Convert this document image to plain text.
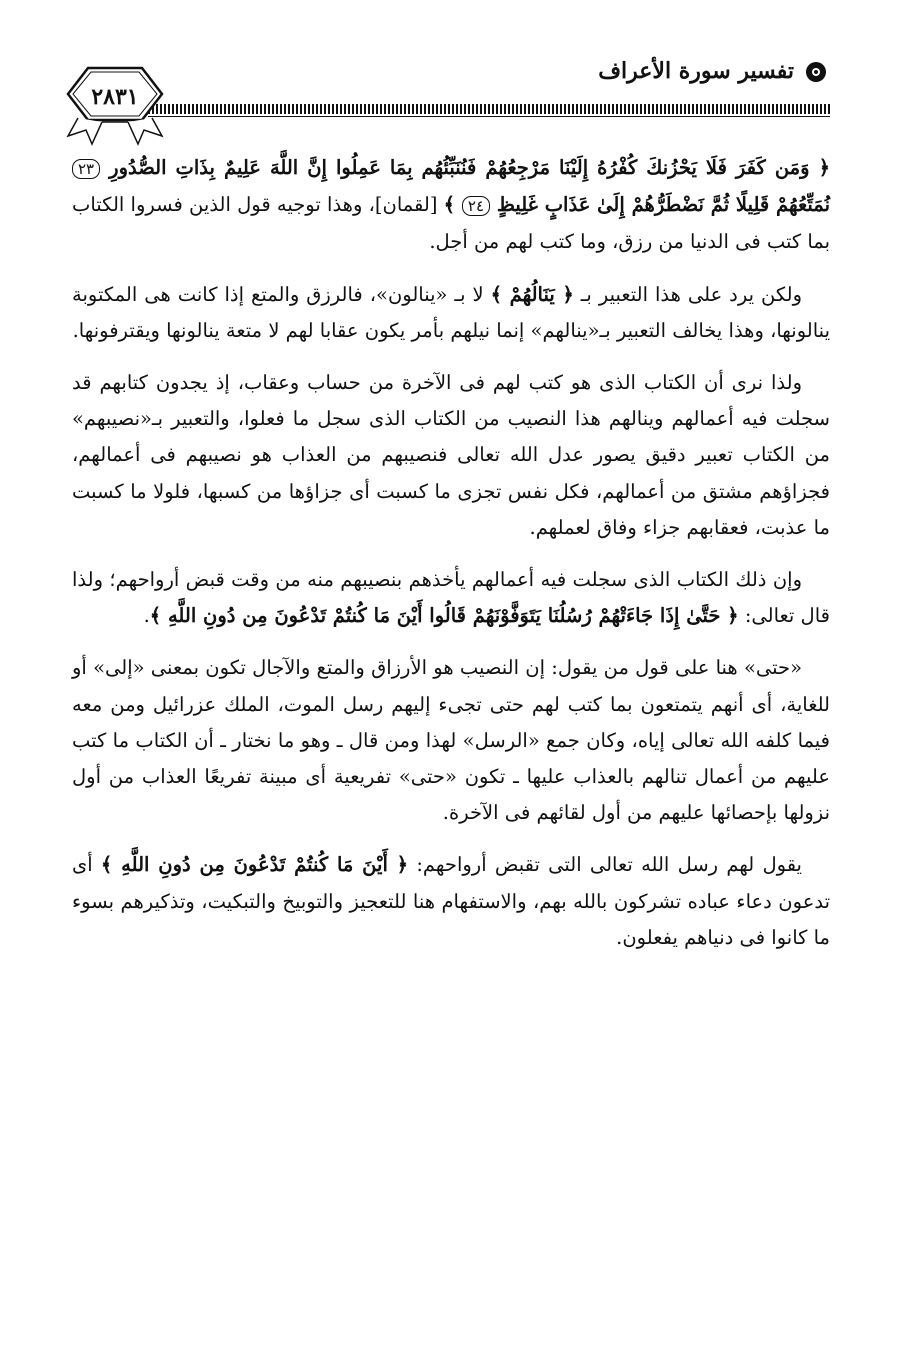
تفسير سورة الأعراف
٢٨٣١

﴿ وَمَن كَفَرَ فَلَا يَحْزُنكَ كُفْرُهُ إِلَيْنَا مَرْجِعُهُمْ فَنُنَبِّئُهُم بِمَا عَمِلُوا إِنَّ اللَّهَ عَلِيمٌ بِذَاتِ الصُّدُورِ ٢٣ نُمَتِّعُهُمْ قَلِيلًا ثُمَّ نَضْطَرُّهُمْ إِلَىٰ عَذَابٍ غَلِيظٍ ٢٤ ﴾ [لقمان]، وهذا توجيه قول الذين فسروا الكتاب بما كتب فى الدنيا من رزق، وما كتب لهم من أجل.

ولكن يرد على هذا التعبير بـ ﴿ يَنَالُهُمْ ﴾ لا بـ «ينالون»، فالرزق والمتع إذا كانت هى المكتوبة ينالونها، وهذا يخالف التعبير بـ«ينالهم» إنما نيلهم بأمر يكون عقابا لهم لا متعة ينالونها ويقترفونها.

ولذا نرى أن الكتاب الذى هو كتب لهم فى الآخرة من حساب وعقاب، إذ يجدون كتابهم قد سجلت فيه أعمالهم وينالهم هذا النصيب من الكتاب الذى سجل ما فعلوا، والتعبير بـ«نصيبهم» من الكتاب تعبير دقيق يصور عدل الله تعالى فنصيبهم من العذاب هو نصيبهم فى أعمالهم، فجزاؤهم مشتق من أعمالهم، فكل نفس تجزى ما كسبت أى جزاؤها من كسبها، فلولا ما كسبت ما عذبت، فعقابهم جزاء وفاق لعملهم.

وإن ذلك الكتاب الذى سجلت فيه أعمالهم يأخذهم بنصيبهم منه من وقت قبض أرواحهم؛ ولذا قال تعالى: ﴿ حَتَّىٰ إِذَا جَاءَتْهُمْ رُسُلُنَا يَتَوَفَّوْنَهُمْ قَالُوا أَيْنَ مَا كُنتُمْ تَدْعُونَ مِن دُونِ اللَّهِ ﴾.

«حتى» هنا على قول من يقول: إن النصيب هو الأرزاق والمتع والآجال تكون بمعنى «إلى» أو للغاية، أى أنهم يتمتعون بما كتب لهم حتى تجىء إليهم رسل الموت، الملك عزرائيل ومن معه فيما كلفه الله تعالى إياه، وكان جمع «الرسل» لهذا ومن قال ـ وهو ما نختار ـ أن الكتاب ما كتب عليهم من أعمال تنالهم بالعذاب عليها ـ تكون «حتى» تفريعية أى مبينة تفريعًا العذاب من أول نزولها بإحصائها عليهم من أول لقائهم فى الآخرة.

يقول لهم رسل الله تعالى التى تقبض أرواحهم: ﴿ أَيْنَ مَا كُنتُمْ تَدْعُونَ مِن دُونِ اللَّهِ ﴾ أى تدعون دعاء عباده تشركون بالله بهم، والاستفهام هنا للتعجيز والتوبيخ والتبكيت، وتذكيرهم بسوء ما كانوا فى دنياهم يفعلون.
